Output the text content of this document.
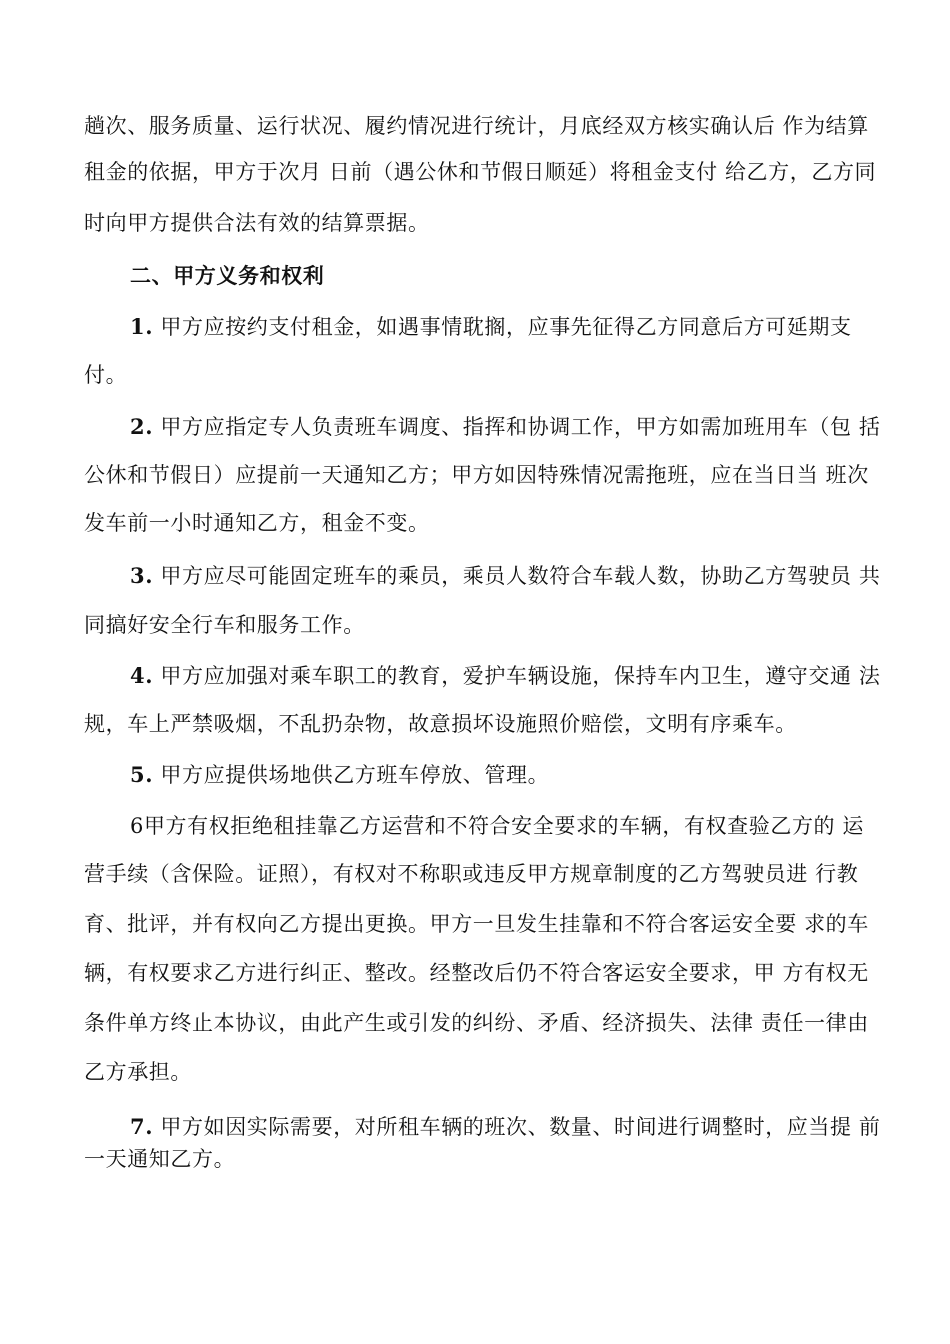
趟次、服务质量、运行状况、履约情况进行统计，月底经双方核实确认后 作为结算
租金的依据，甲方于次月 日前（遇公休和节假日顺延）将租金支付 给乙方，乙方同
时向甲方提供合法有效的结算票据。
二、甲方义务和权利
1. 甲方应按约支付租金，如遇事情耽搁，应事先征得乙方同意后方可延期支
付。
2. 甲方应指定专人负责班车调度、指挥和协调工作，甲方如需加班用车（包 括
公休和节假日）应提前一天通知乙方；甲方如因特殊情况需拖班，应在当日当 班次
发车前一小时通知乙方，租金不变。
3. 甲方应尽可能固定班车的乘员，乘员人数符合车载人数，协助乙方驾驶员 共
同搞好安全行车和服务工作。
4. 甲方应加强对乘车职工的教育，爱护车辆设施，保持车内卫生，遵守交通 法
规，车上严禁吸烟，不乱扔杂物，故意损坏设施照价赔偿，文明有序乘车。
5. 甲方应提供场地供乙方班车停放、管理。
6甲方有权拒绝租挂靠乙方运营和不符合安全要求的车辆，有权查验乙方的 运
营手续（含保险。证照），有权对不称职或违反甲方规章制度的乙方驾驶员进 行教
育、批评，并有权向乙方提出更换。甲方一旦发生挂靠和不符合客运安全要 求的车
辆，有权要求乙方进行纠正、整改。经整改后仍不符合客运安全要求，甲 方有权无
条件单方终止本协议，由此产生或引发的纠纷、矛盾、经济损失、法律 责任一律由
乙方承担。
7. 甲方如因实际需要，对所租车辆的班次、数量、时间进行调整时，应当提 前
一天通知乙方。
